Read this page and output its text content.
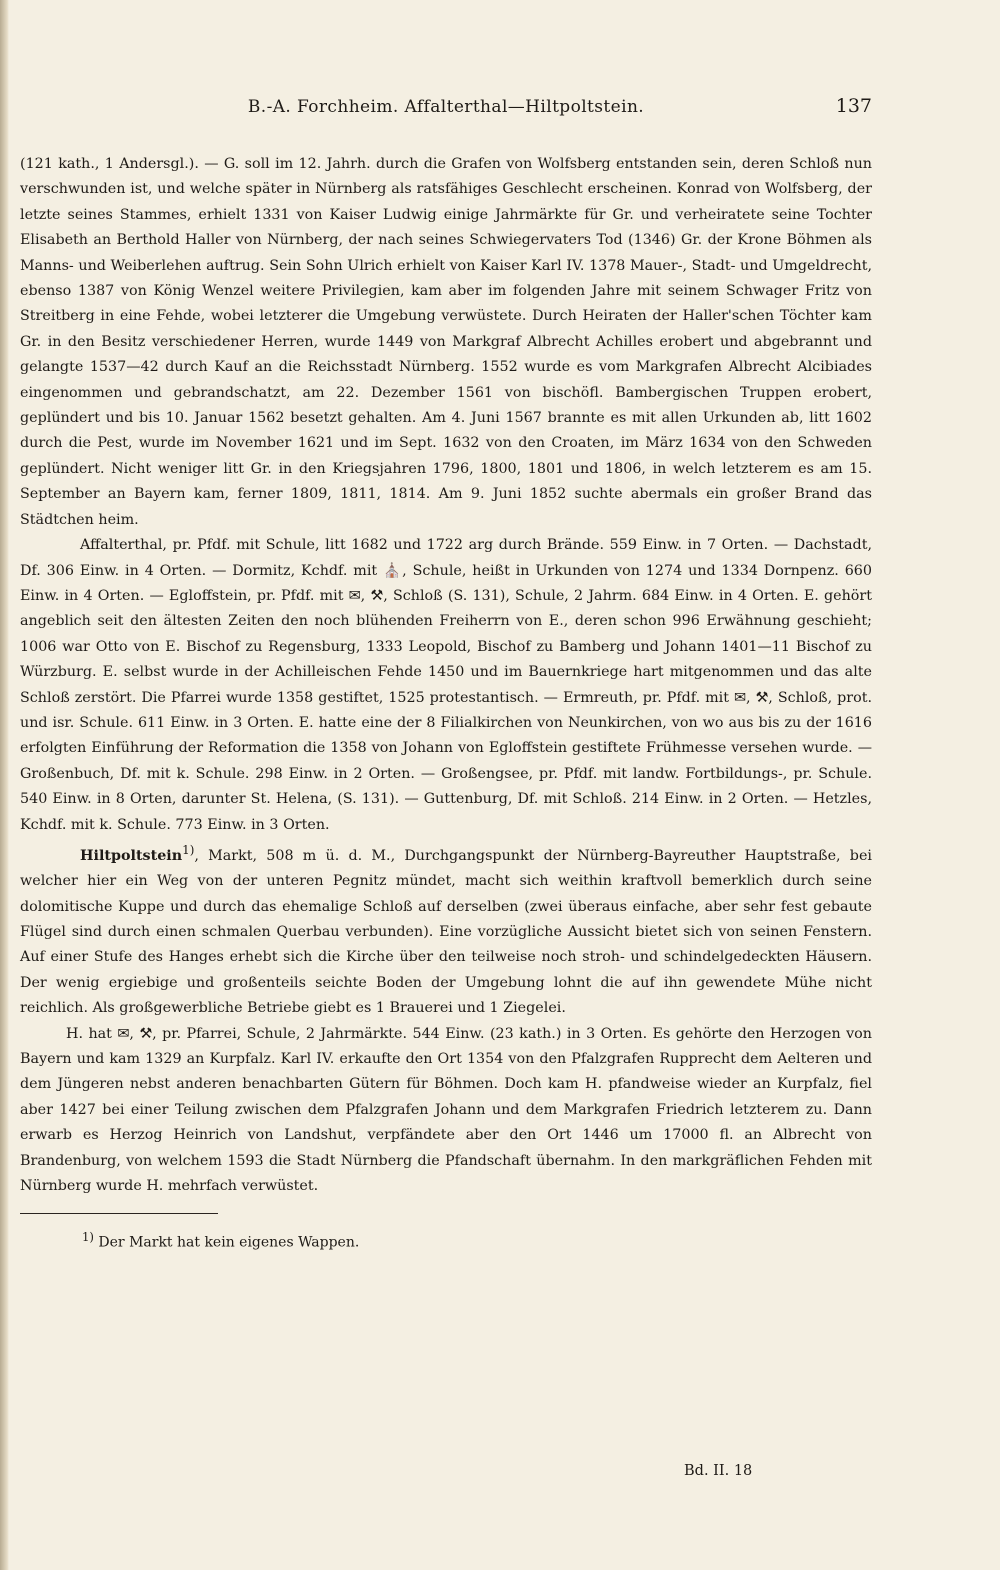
B.-A. Forchheim. Affalterthal—Hiltpoltstein.	137

(121 kath., 1 Andersgl.). — G. soll im 12. Jahrh. durch die Grafen von Wolfsberg entstanden sein, deren Schloß nun verschwunden ist, und welche später in Nürnberg als ratsfähiges Geschlecht erscheinen. Konrad von Wolfsberg, der letzte seines Stammes, erhielt 1331 von Kaiser Ludwig einige Jahrmärkte für Gr. und verheiratete seine Tochter Elisabeth an Berthold Haller von Nürnberg, der nach seines Schwiegervaters Tod (1346) Gr. der Krone Böhmen als Manns- und Weiberlehen auftrug. Sein Sohn Ulrich erhielt von Kaiser Karl IV. 1378 Mauer-, Stadt- und Umgeldrecht, ebenso 1387 von König Wenzel weitere Privilegien, kam aber im folgenden Jahre mit seinem Schwager Fritz von Streitberg in eine Fehde, wobei letzterer die Umgebung verwüstete. Durch Heiraten der Haller'schen Töchter kam Gr. in den Besitz verschiedener Herren, wurde 1449 von Markgraf Albrecht Achilles erobert und abgebrannt und gelangte 1537—42 durch Kauf an die Reichsstadt Nürnberg. 1552 wurde es vom Markgrafen Albrecht Alcibiades eingenommen und gebrandschatzt, am 22. Dezember 1561 von bischöfl. Bambergischen Truppen erobert, geplündert und bis 10. Januar 1562 besetzt gehalten. Am 4. Juni 1567 brannte es mit allen Urkunden ab, litt 1602 durch die Pest, wurde im November 1621 und im Sept. 1632 von den Croaten, im März 1634 von den Schweden geplündert. Nicht weniger litt Gr. in den Kriegsjahren 1796, 1800, 1801 und 1806, in welch letzterem es am 15. September an Bayern kam, ferner 1809, 1811, 1814. Am 9. Juni 1852 suchte abermals ein großer Brand das Städtchen heim.

Affalterthal, pr. Pfdf. mit Schule, litt 1682 und 1722 arg durch Brände. 559 Einw. in 7 Orten. — Dachstadt, Df. 306 Einw. in 4 Orten. — Dormitz, Kchdf. mit ⛪, Schule, heißt in Urkunden von 1274 und 1334 Dornpenz. 660 Einw. in 4 Orten. — Egloffstein, pr. Pfdf. mit ✉, ⚒, Schloß (S. 131), Schule, 2 Jahrm. 684 Einw. in 4 Orten. E. gehört angeblich seit den ältesten Zeiten den noch blühenden Freiherrn von E., deren schon 996 Erwähnung geschieht; 1006 war Otto von E. Bischof zu Regensburg, 1333 Leopold, Bischof zu Bamberg und Johann 1401—11 Bischof zu Würzburg. E. selbst wurde in der Achilleischen Fehde 1450 und im Bauernkriege hart mitgenommen und das alte Schloß zerstört. Die Pfarrei wurde 1358 gestiftet, 1525 protestantisch. — Ermreuth, pr. Pfdf. mit ✉, ⚒, Schloß, prot. und isr. Schule. 611 Einw. in 3 Orten. E. hatte eine der 8 Filialkirchen von Neunkirchen, von wo aus bis zu der 1616 erfolgten Einführung der Reformation die 1358 von Johann von Egloffstein gestiftete Frühmesse versehen wurde. — Großenbuch, Df. mit k. Schule. 298 Einw. in 2 Orten. — Großengsee, pr. Pfdf. mit landw. Fortbildungs-, pr. Schule. 540 Einw. in 8 Orten, darunter St. Helena, (S. 131). — Guttenburg, Df. mit Schloß. 214 Einw. in 2 Orten. — Hetzles, Kchdf. mit k. Schule. 773 Einw. in 3 Orten.

Hiltpoltstein$^{1)}$, Markt, 508 m ü. d. M., Durchgangspunkt der Nürnberg-Bayreuther Hauptstraße, bei welcher hier ein Weg von der unteren Pegnitz mündet, macht sich weithin kraftvoll bemerklich durch seine dolomitische Kuppe und durch das ehemalige Schloß auf derselben (zwei überaus einfache, aber sehr fest gebaute Flügel sind durch einen schmalen Querbau verbunden). Eine vorzügliche Aussicht bietet sich von seinen Fenstern. Auf einer Stufe des Hanges erhebt sich die Kirche über den teilweise noch stroh- und schindelgedeckten Häusern. Der wenig ergiebige und großenteils seichte Boden der Umgebung lohnt die auf ihn gewendete Mühe nicht reichlich. Als großgewerbliche Betriebe giebt es 1 Brauerei und 1 Ziegelei.

H. hat ✉, ⚒, pr. Pfarrei, Schule, 2 Jahrmärkte. 544 Einw. (23 kath.) in 3 Orten. Es gehörte den Herzogen von Bayern und kam 1329 an Kurpfalz. Karl IV. erkaufte den Ort 1354 von den Pfalzgrafen Rupprecht dem Aelteren und dem Jüngeren nebst anderen benachbarten Gütern für Böhmen. Doch kam H. pfandweise wieder an Kurpfalz, fiel aber 1427 bei einer Teilung zwischen dem Pfalzgrafen Johann und dem Markgrafen Friedrich letzterem zu. Dann erwarb es Herzog Heinrich von Landshut, verpfändete aber den Ort 1446 um 17000 fl. an Albrecht von Brandenburg, von welchem 1593 die Stadt Nürnberg die Pfandschaft übernahm. In den markgräflichen Fehden mit Nürnberg wurde H. mehrfach verwüstet.

$^{1)}$ Der Markt hat kein eigenes Wappen.
Bd. II. 18
